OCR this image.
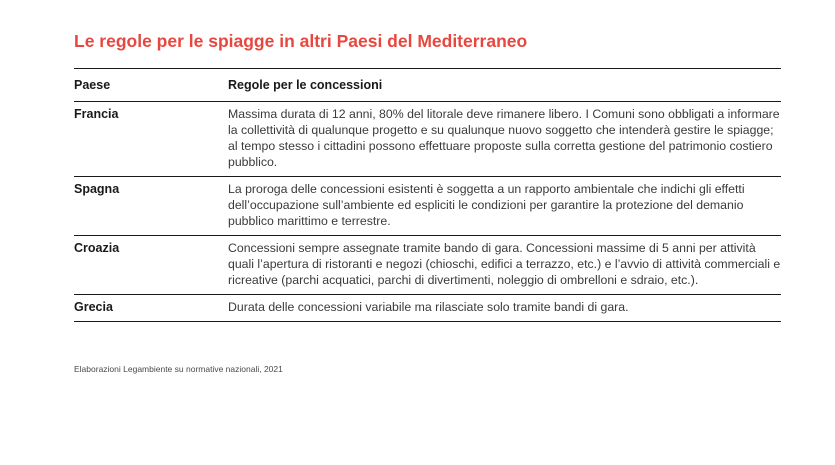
Le regole per le spiagge in altri Paesi del Mediterraneo
Paese	Regole per le concessioni
Francia	Massima durata di 12 anni, 80% del litorale deve rimanere libero. I Comuni sono obbligati a informare la collettività di qualunque progetto e su qualunque nuovo soggetto che intenderà gestire le spiagge; al tempo stesso i cittadini possono effettuare proposte sulla corretta gestione del patrimonio costiero pubblico.
Spagna	La proroga delle concessioni esistenti è soggetta a un rapporto ambientale che indichi gli effetti dell’occupazione sull’ambiente ed espliciti le condizioni per garantire la protezione del demanio pubblico marittimo e terrestre.
Croazia	Concessioni sempre assegnate tramite bando di gara. Concessioni massime di 5 anni per attività quali l’apertura di ristoranti e negozi (chioschi, edifici a terrazzo, etc.) e l’avvio di attività commerciali e ricreative (parchi acquatici, parchi di divertimenti, noleggio di ombrelloni e sdraio, etc.).
Grecia	Durata delle concessioni variabile ma rilasciate solo tramite bandi di gara.
Elaborazioni Legambiente su normative nazionali, 2021
